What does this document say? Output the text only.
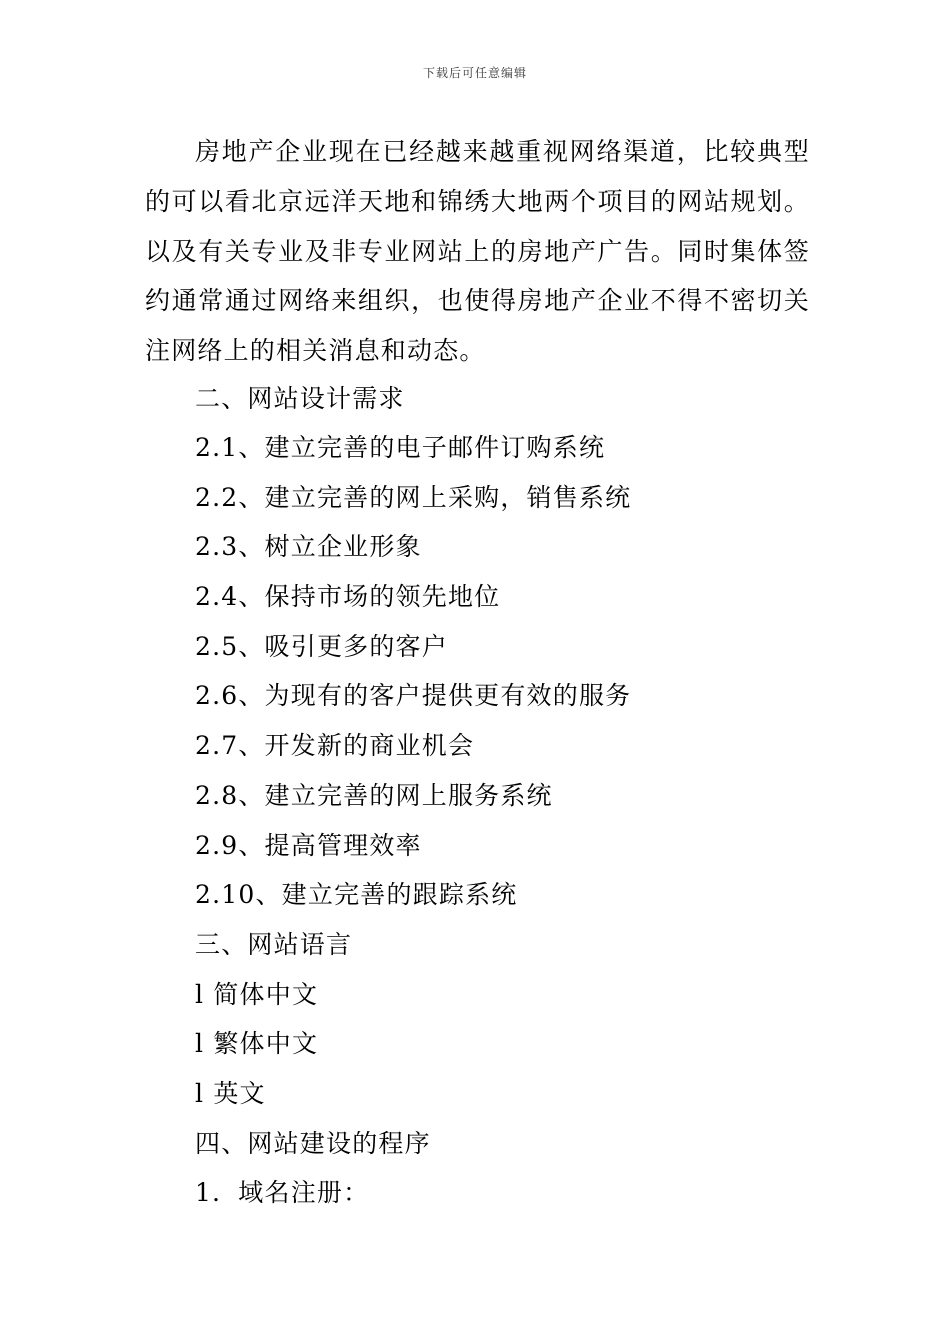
下载后可任意编辑
房地产企业现在已经越来越重视网络渠道，比较典型的可以看北京远洋天地和锦绣大地两个项目的网站规划。以及有关专业及非专业网站上的房地产广告。同时集体签约通常通过网络来组织，也使得房地产企业不得不密切关注网络上的相关消息和动态。
二、网站设计需求
2.1、建立完善的电子邮件订购系统
2.2、建立完善的网上采购，销售系统
2.3、树立企业形象
2.4、保持市场的领先地位
2.5、吸引更多的客户
2.6、为现有的客户提供更有效的服务
2.7、开发新的商业机会
2.8、建立完善的网上服务系统
2.9、提高管理效率
2.10、建立完善的跟踪系统
三、网站语言
l 简体中文
l 繁体中文
l 英文
四、网站建设的程序
1．域名注册：
